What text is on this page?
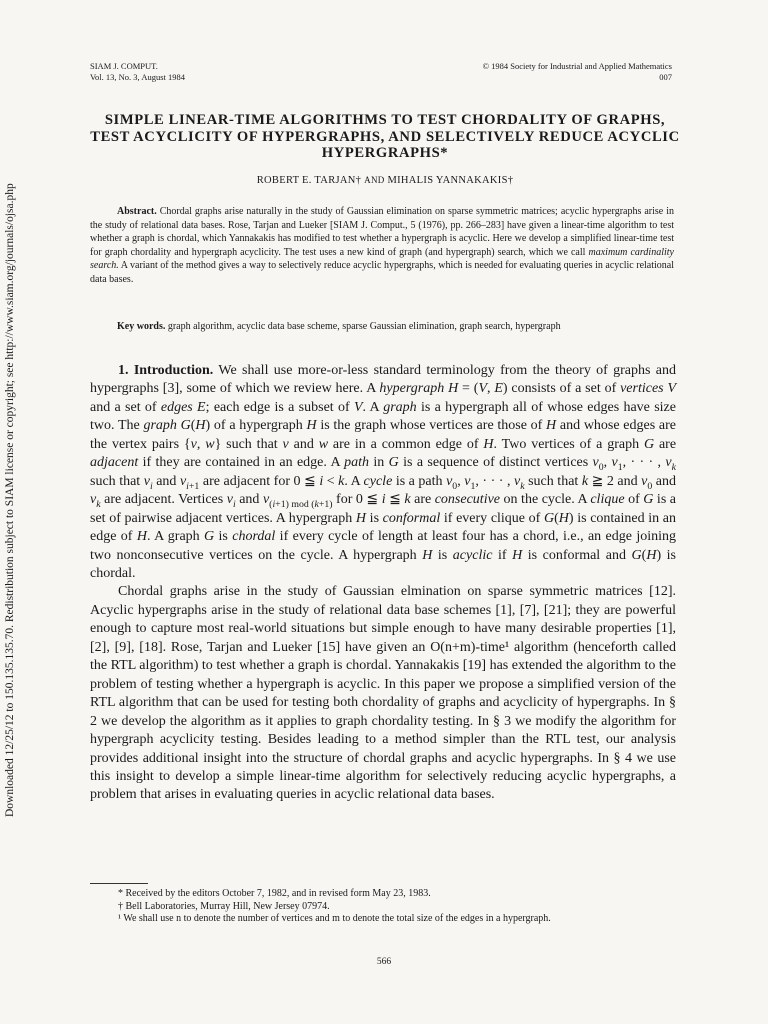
Downloaded 12/25/12 to 150.135.135.70. Redistribution subject to SIAM license or copyright; see http://www.siam.org/journals/ojsa.php
SIAM J. COMPUT.
Vol. 13, No. 3, August 1984
© 1984 Society for Industrial and Applied Mathematics
007
SIMPLE LINEAR-TIME ALGORITHMS TO TEST CHORDALITY OF GRAPHS, TEST ACYCLICITY OF HYPERGRAPHS, AND SELECTIVELY REDUCE ACYCLIC HYPERGRAPHS*
ROBERT E. TARJAN† AND MIHALIS YANNAKAKIS†

Abstract. Chordal graphs arise naturally in the study of Gaussian elimination on sparse symmetric matrices; acyclic hypergraphs arise in the study of relational data bases. Rose, Tarjan and Lueker [SIAM J. Comput., 5 (1976), pp. 266–283] have given a linear-time algorithm to test whether a graph is chordal, which Yannakakis has modified to test whether a hypergraph is acyclic. Here we develop a simplified linear-time test for graph chordality and hypergraph acyclicity. The test uses a new kind of graph (and hypergraph) search, which we call maximum cardinality search. A variant of the method gives a way to selectively reduce acyclic hypergraphs, which is needed for evaluating queries in acyclic relational data bases.

Key words. graph algorithm, acyclic data base scheme, sparse Gaussian elimination, graph search, hypergraph

1. Introduction. We shall use more-or-less standard terminology from the theory of graphs and hypergraphs [3], some of which we review here. A hypergraph H = (V, E) consists of a set of vertices V and a set of edges E; each edge is a subset of V. A graph is a hypergraph all of whose edges have size two. The graph G(H) of a hypergraph H is the graph whose vertices are those of H and whose edges are the vertex pairs {v, w} such that v and w are in a common edge of H. Two vertices of a graph G are adjacent if they are contained in an edge. A path in G is a sequence of distinct vertices $v_0$, $v_1$, · · · , $v_k$ such that $v_i$ and $v_{i+1}$ are adjacent for 0 ≦ i < k. A cycle is a path $v_0$, $v_1$, · · · , $v_k$ such that k ≧ 2 and $v_0$ and $v_k$ are adjacent. Vertices $v_i$ and $v_{(i+1) mod (k+1)}$ for 0 ≦ i ≦ k are consecutive on the cycle. A clique of G is a set of pairwise adjacent vertices. A hypergraph H is conformal if every clique of G(H) is contained in an edge of H. A graph G is chordal if every cycle of length at least four has a chord, i.e., an edge joining two nonconsecutive vertices on the cycle. A hypergraph H is acyclic if H is conformal and G(H) is chordal.

Chordal graphs arise in the study of Gaussian elmination on sparse symmetric matrices [12]. Acyclic hypergraphs arise in the study of relational data base schemes [1], [7], [21]; they are powerful enough to capture most real-world situations but simple enough to have many desirable properties [1], [2], [9], [18]. Rose, Tarjan and Lueker [15] have given an O(n+m)-time¹ algorithm (henceforth called the RTL algorithm) to test whether a graph is chordal. Yannakakis [19] has extended the algorithm to the problem of testing whether a hypergraph is acyclic. In this paper we propose a simplified version of the RTL algorithm that can be used for testing both chordality of graphs and acyclicity of hypergraphs. In § 2 we develop the algorithm as it applies to graph chordality testing. In § 3 we modify the algorithm for hypergraph acyclicity testing. Besides leading to a method simpler than the RTL test, our analysis provides additional insight into the structure of chordal graphs and acyclic hypergraphs. In § 4 we use this insight to develop a simple linear-time algorithm for selectively reducing acyclic hypergraphs, a problem that arises in evaluating queries in acyclic relational data bases.

* Received by the editors October 7, 1982, and in revised form May 23, 1983.

† Bell Laboratories, Murray Hill, New Jersey 07974.

¹ We shall use n to denote the number of vertices and m to denote the total size of the edges in a hypergraph.

566
